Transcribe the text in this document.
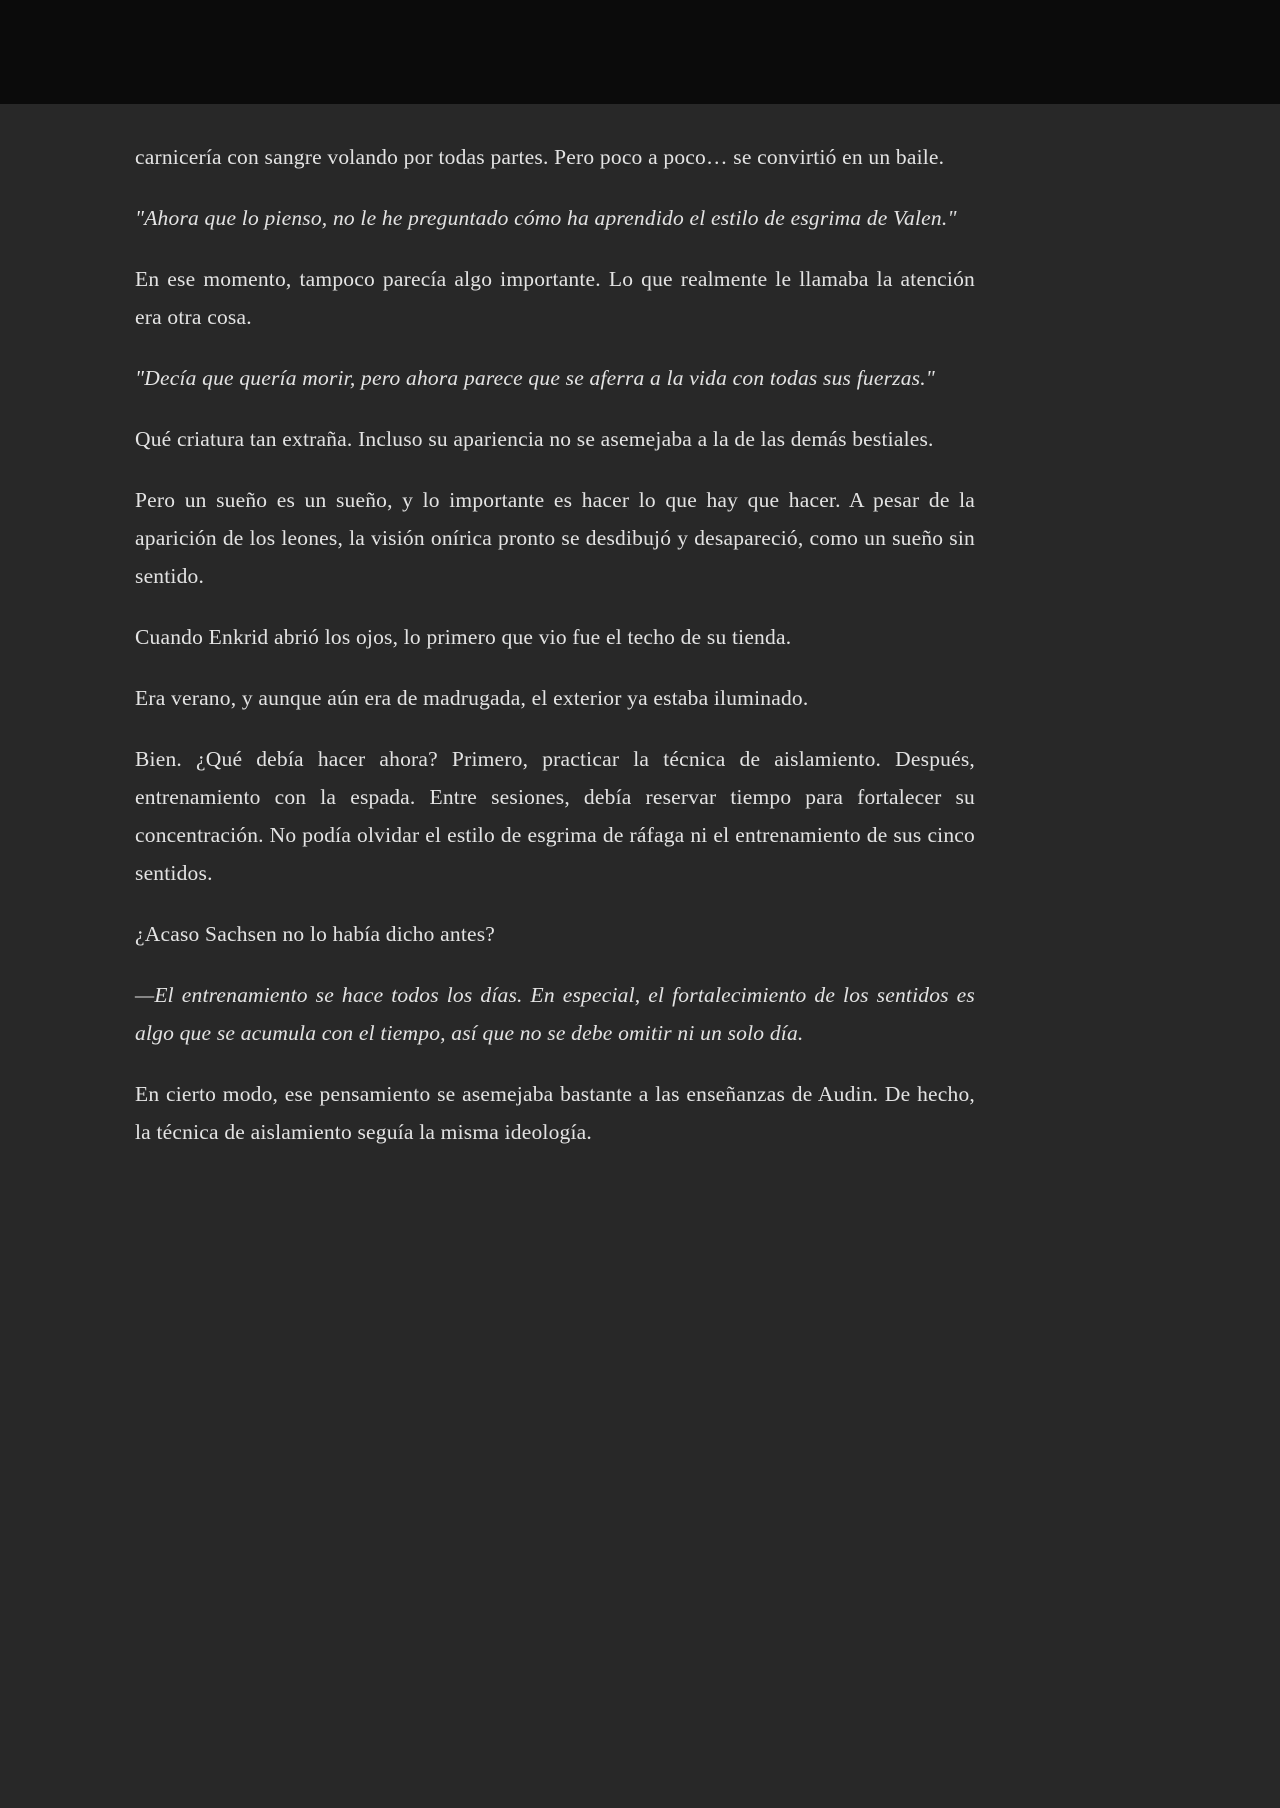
carnicería con sangre volando por todas partes. Pero poco a poco… se convirtió en un baile.

"Ahora que lo pienso, no le he preguntado cómo ha aprendido el estilo de esgrima de Valen."

En ese momento, tampoco parecía algo importante. Lo que realmente le llamaba la atención era otra cosa.

"Decía que quería morir, pero ahora parece que se aferra a la vida con todas sus fuerzas."

Qué criatura tan extraña. Incluso su apariencia no se asemejaba a la de las demás bestiales.

Pero un sueño es un sueño, y lo importante es hacer lo que hay que hacer. A pesar de la aparición de los leones, la visión onírica pronto se desdibujó y desapareció, como un sueño sin sentido.

Cuando Enkrid abrió los ojos, lo primero que vio fue el techo de su tienda.

Era verano, y aunque aún era de madrugada, el exterior ya estaba iluminado.

Bien. ¿Qué debía hacer ahora? Primero, practicar la técnica de aislamiento. Después, entrenamiento con la espada. Entre sesiones, debía reservar tiempo para fortalecer su concentración. No podía olvidar el estilo de esgrima de ráfaga ni el entrenamiento de sus cinco sentidos.

¿Acaso Sachsen no lo había dicho antes?

—El entrenamiento se hace todos los días. En especial, el fortalecimiento de los sentidos es algo que se acumula con el tiempo, así que no se debe omitir ni un solo día.

En cierto modo, ese pensamiento se asemejaba bastante a las enseñanzas de Audin. De hecho, la técnica de aislamiento seguía la misma ideología.
